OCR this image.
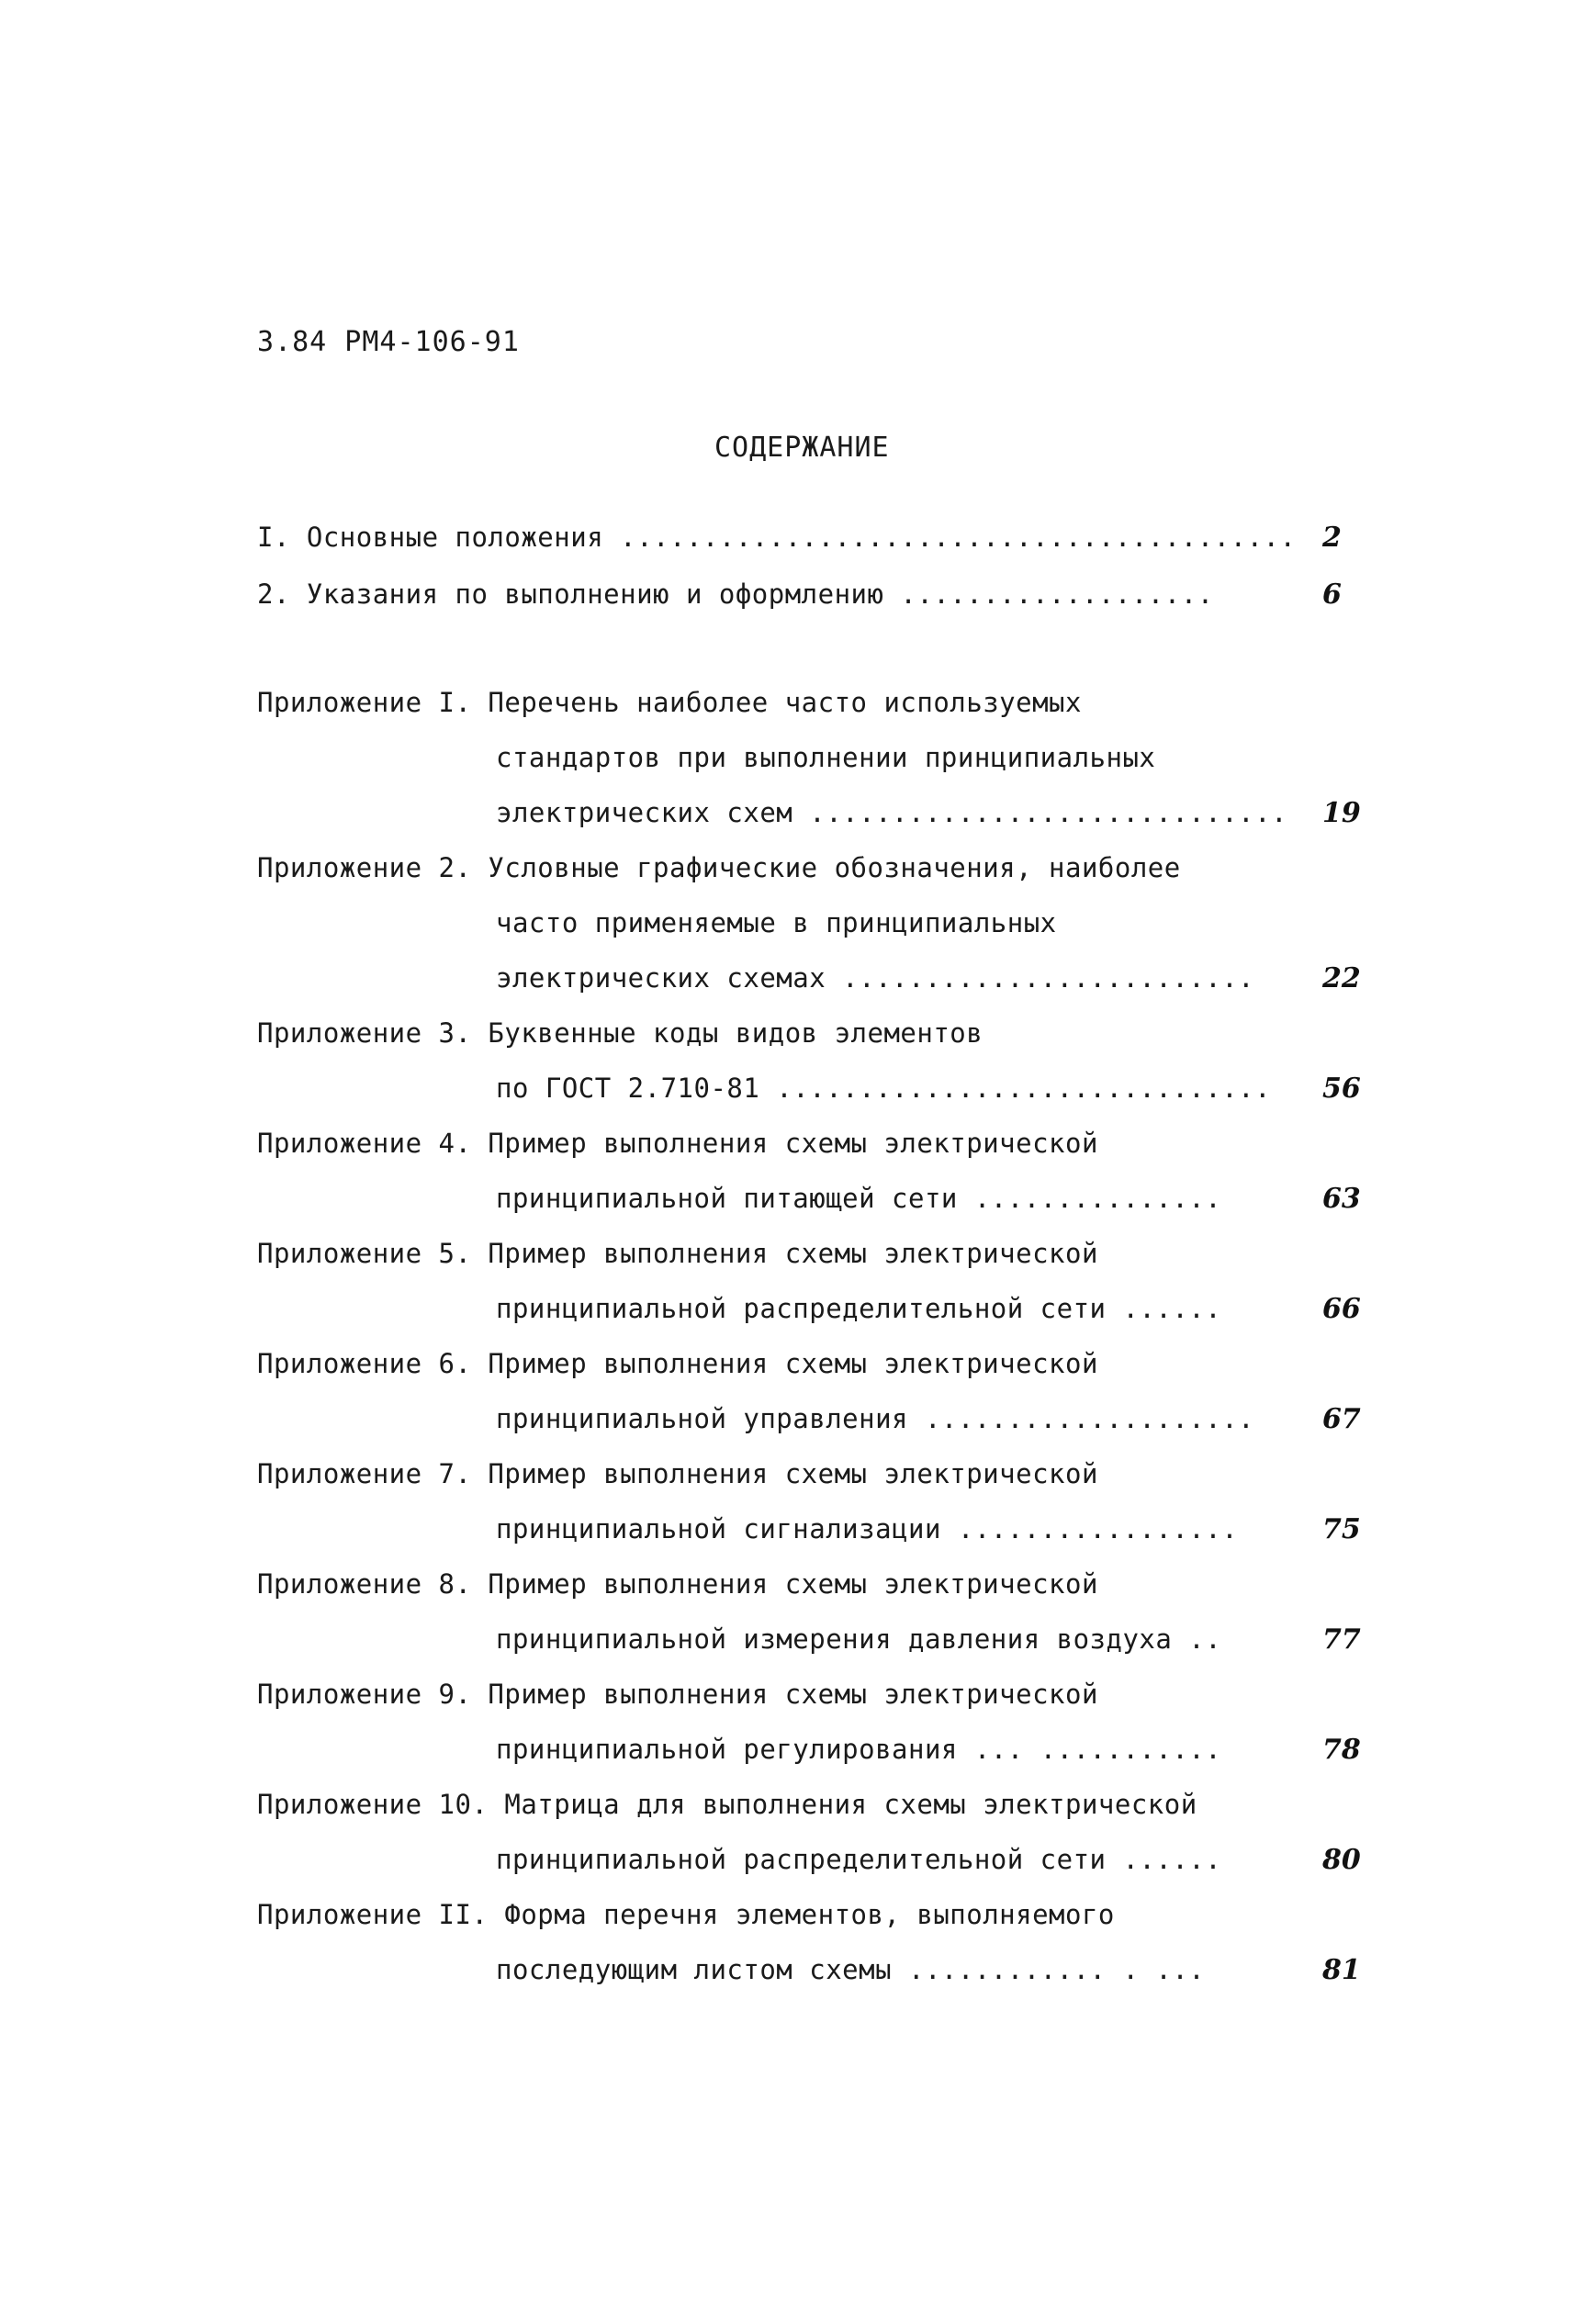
3.84 РМ4-106-91
СОДЕРЖАНИЕ
I. Основные положения ......................................... 2
2. Указания по выполнению и оформлению ...................	6
Приложение I. Перечень наиболее часто используемых
стандартов при выполнении принципиальных
электрических схем ............................. 19
Приложение 2. Условные графические обозначения, наиболее
часто применяемые в принципиальных
электрических схемах ......................... 22
Приложение 3. Буквенные коды видов элементов
по ГОСТ 2.710-81 .............................. 56
Приложение 4. Пример выполнения схемы электрической
принципиальной питающей сети ...............	63
Приложение 5. Пример выполнения схемы электрической
принципиальной распределительной сети ......	66
Приложение 6. Пример выполнения схемы электрической
принципиальной управления .................... 67
Приложение 7. Пример выполнения схемы электрической
принципиальной сигнализации .................	75
Приложение 8. Пример выполнения схемы электрической
принципиальной измерения давления воздуха ..	77
Приложение 9. Пример выполнения схемы электрической
принципиальной регулирования ... ...........	78
Приложение 10. Матрица для выполнения схемы электрической
принципиальной распределительной сети ......	80
Приложение II. Форма перечня элементов, выполняемого
последующим листом схемы ............ . ...	81
